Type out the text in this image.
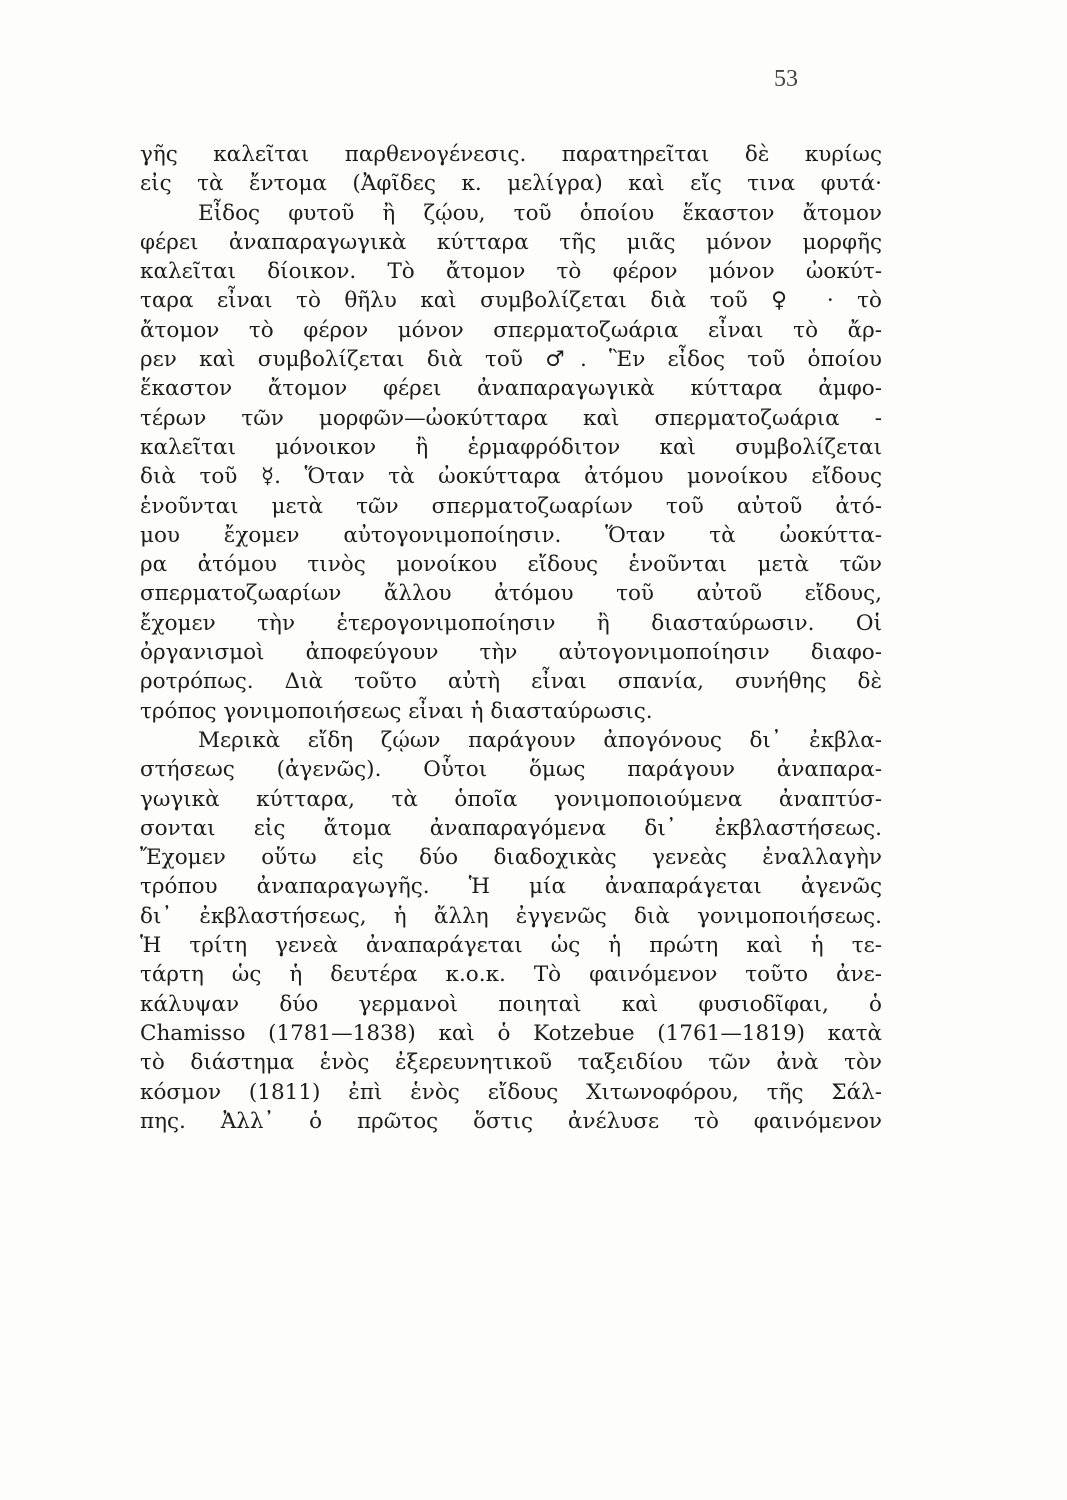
53
γῆς καλεῖται παρθενογένεσις. παρατηρεῖται δὲ κυρίως
εἰς τὰ ἔντομα (Ἀφῖδες κ. μελίγρα) καὶ εἴς τινα φυτά·
Εἶδος φυτοῦ ἢ ζῴου, τοῦ ὁποίου ἕκαστον ἄτομον
φέρει ἀναπαραγωγικὰ κύτταρα τῆς μιᾶς μόνον μορφῆς
καλεῖται δίοικον. Τὸ ἄτομον τὸ φέρον μόνον ὠοκύτ-
ταρα εἶναι τὸ θῆλυ καὶ συμβολίζεται διὰ τοῦ ♀ · τὸ
ἄτομον τὸ φέρον μόνον σπερματοζωάρια εἶναι τὸ ἄρ-
ρεν καὶ συμβολίζεται διὰ τοῦ ♂. Ἓν εἶδος τοῦ ὁποίου
ἕκαστον ἄτομον φέρει ἀναπαραγωγικὰ κύτταρα ἀμφο-
τέρων τῶν μορφῶν—ὠοκύτταρα καὶ σπερματοζωάρια -
καλεῖται μόνοικον ἢ ἑρμαφρόδιτον καὶ συμβολίζεται
διὰ τοῦ ☿. Ὅταν τὰ ὠοκύτταρα ἀτόμου μονοίκου εἴδους
ἑνοῦνται μετὰ τῶν σπερματοζωαρίων τοῦ αὐτοῦ ἀτό-
μου ἔχομεν αὐτογονιμοποίησιν. Ὅταν τὰ ὠοκύττα-
ρα ἀτόμου τινὸς μονοίκου εἴδους ἑνοῦνται μετὰ τῶν
σπερματοζωαρίων ἄλλου ἀτόμου τοῦ αὐτοῦ εἴδους,
ἔχομεν τὴν ἑτερογονιμοποίησιν ἢ διασταύρωσιν. Οἱ
ὀργανισμοὶ ἀποφεύγουν τὴν αὐτογονιμοποίησιν διαφο-
ροτρόπως. Διὰ τοῦτο αὐτὴ εἶναι σπανία, συνήθης δὲ
τρόπος γονιμοποιήσεως εἶναι ἡ διασταύρωσις.
Μερικὰ εἴδη ζῴων παράγουν ἀπογόνους δι᾽ ἐκβλα-
στήσεως (ἀγενῶς). Οὗτοι ὅμως παράγουν ἀναπαρα-
γωγικὰ κύτταρα, τὰ ὁποῖα γονιμοποιούμενα ἀναπτύσ-
σονται εἰς ἄτομα ἀναπαραγόμενα δι᾽ ἐκβλαστήσεως.
Ἔχομεν οὕτω εἰς δύο διαδοχικὰς γενεὰς ἐναλλαγὴν
τρόπου ἀναπαραγωγῆς. Ἡ μία ἀναπαράγεται ἀγενῶς
δι᾽ ἐκβλαστήσεως, ἡ ἄλλη ἐγγενῶς διὰ γονιμοποιήσεως.
Ἡ τρίτη γενεὰ ἀναπαράγεται ὡς ἡ πρώτη καὶ ἡ τε-
τάρτη ὡς ἡ δευτέρα κ.ο.κ. Τὸ φαινόμενον τοῦτο ἀνε-
κάλυψαν δύο γερμανοὶ ποιηταὶ καὶ φυσιοδῖφαι, ὁ
Chamisso (1781—1838) καὶ ὁ Kotzebue (1761—1819) κατὰ
τὸ διάστημα ἑνὸς ἐξερευνητικοῦ ταξειδίου τῶν ἀνὰ τὸν
κόσμον (1811) ἐπὶ ἑνὸς εἴδους Χιτωνοφόρου, τῆς Σάλ-
πης. Ἀλλ᾽ ὁ πρῶτος ὅστις ἀνέλυσε τὸ φαινόμενον
